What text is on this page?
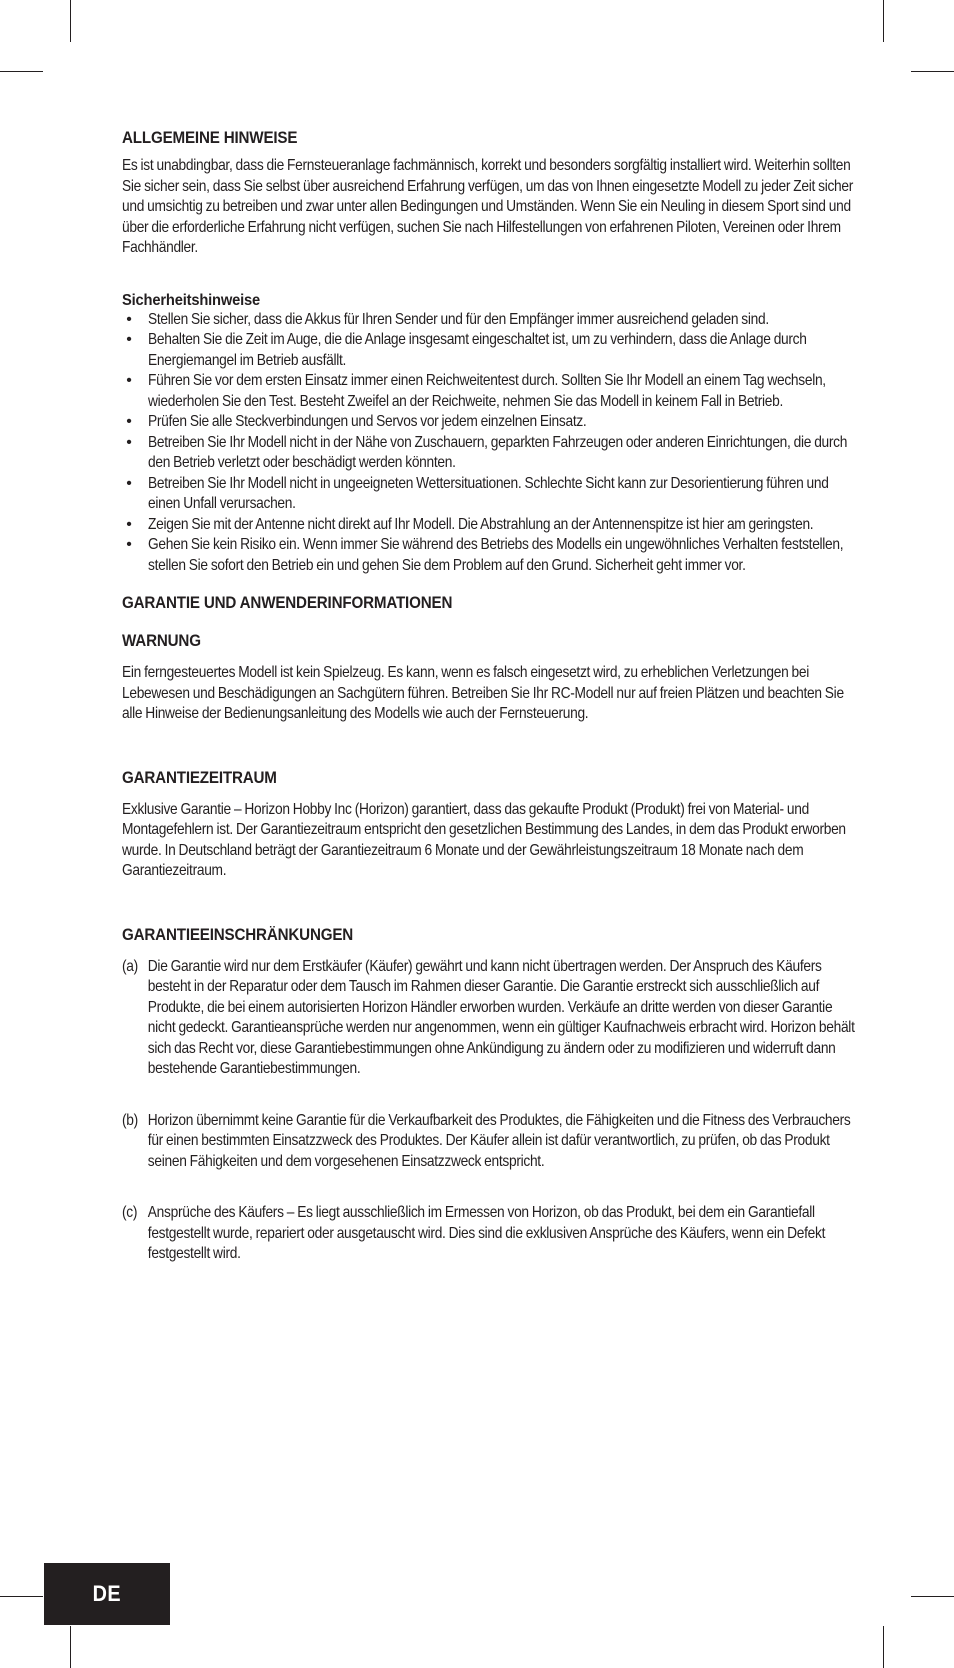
ALLGEMEINE HINWEISE

Es ist unabdingbar, dass die Fernsteueranlage fachmännisch, korrekt und besonders sorgfältig installiert wird. Weiterhin sollten Sie sicher sein, dass Sie selbst über ausreichend Erfahrung verfügen, um das von Ihnen eingesetzte Modell zu jeder Zeit sicher und umsichtig zu betreiben und zwar unter allen Bedingungen und Umständen. Wenn Sie ein Neuling in diesem Sport sind und über die erforderliche Erfahrung nicht verfügen, suchen Sie nach Hilfestellungen von erfahrenen Piloten, Vereinen oder Ihrem Fachhändler.

Sicherheitshinweise
• Stellen Sie sicher, dass die Akkus für Ihren Sender und für den Empfänger immer ausreichend geladen sind.
• Behalten Sie die Zeit im Auge, die die Anlage insgesamt eingeschaltet ist, um zu verhindern, dass die Anlage durch Energiemangel im Betrieb ausfällt.
• Führen Sie vor dem ersten Einsatz immer einen Reichweitentest durch. Sollten Sie Ihr Modell an einem Tag wechseln, wiederholen Sie den Test. Besteht Zweifel an der Reichweite, nehmen Sie das Modell in keinem Fall in Betrieb.
• Prüfen Sie alle Steckverbindungen und Servos vor jedem einzelnen Einsatz.
• Betreiben Sie Ihr Modell nicht in der Nähe von Zuschauern, geparkten Fahrzeugen oder anderen Einrichtungen, die durch den Betrieb verletzt oder beschädigt werden könnten.
• Betreiben Sie Ihr Modell nicht in ungeeigneten Wettersituationen. Schlechte Sicht kann zur Desorientierung führen und einen Unfall verursachen.
• Zeigen Sie mit der Antenne nicht direkt auf Ihr Modell. Die Abstrahlung an der Antennenspitze ist hier am geringsten.
• Gehen Sie kein Risiko ein. Wenn immer Sie während des Betriebs des Modells ein ungewöhnliches Verhalten feststellen, stellen Sie sofort den Betrieb ein und gehen Sie dem Problem auf den Grund. Sicherheit geht immer vor.
GARANTIE UND ANWENDERINFORMATIONEN
WARNUNG

Ein ferngesteuertes Modell ist kein Spielzeug. Es kann, wenn es falsch eingesetzt wird, zu erheblichen Verletzungen bei Lebewesen und Beschädigungen an Sachgütern führen. Betreiben Sie Ihr RC-Modell nur auf freien Plätzen und beachten Sie alle Hinweise der Bedienungsanleitung des Modells wie auch der Fernsteuerung.

GARANTIEZEITRAUM

Exklusive Garantie – Horizon Hobby Inc (Horizon) garantiert, dass das gekaufte Produkt (Produkt) frei von Material- und Montagefehlern ist. Der Garantiezeitraum entspricht den gesetzlichen Bestimmung des Landes, in dem das Produkt erworben wurde. In Deutschland beträgt der Garantiezeitraum 6 Monate und der Gewährleistungszeitraum 18 Monate nach dem Garantiezeitraum.

GARANTIEEINSCHRÄNKUNGEN
(a) Die Garantie wird nur dem Erstkäufer (Käufer) gewährt und kann nicht übertragen werden. Der Anspruch des Käufers besteht in der Reparatur oder dem Tausch im Rahmen dieser Garantie. Die Garantie erstreckt sich ausschließlich auf Produkte, die bei einem autorisierten Horizon Händler erworben wurden. Verkäufe an dritte werden von dieser Garantie nicht gedeckt. Garantieansprüche werden nur angenommen, wenn ein gültiger Kaufnachweis erbracht wird. Horizon behält sich das Recht vor, diese Garantiebestimmungen ohne Ankündigung zu ändern oder zu modifizieren und widerruft dann bestehende Garantiebestimmungen.
(b) Horizon übernimmt keine Garantie für die Verkaufbarkeit des Produktes, die Fähigkeiten und die Fitness des Verbrauchers für einen bestimmten Einsatzzweck des Produktes. Der Käufer allein ist dafür verantwortlich, zu prüfen, ob das Produkt seinen Fähigkeiten und dem vorgesehenen Einsatzzweck entspricht.
(c) Ansprüche des Käufers – Es liegt ausschließlich im Ermessen von Horizon, ob das Produkt, bei dem ein Garantiefall festgestellt wurde, repariert oder ausgetauscht wird. Dies sind die exklusiven Ansprüche des Käufers, wenn ein Defekt festgestellt wird.
DE
